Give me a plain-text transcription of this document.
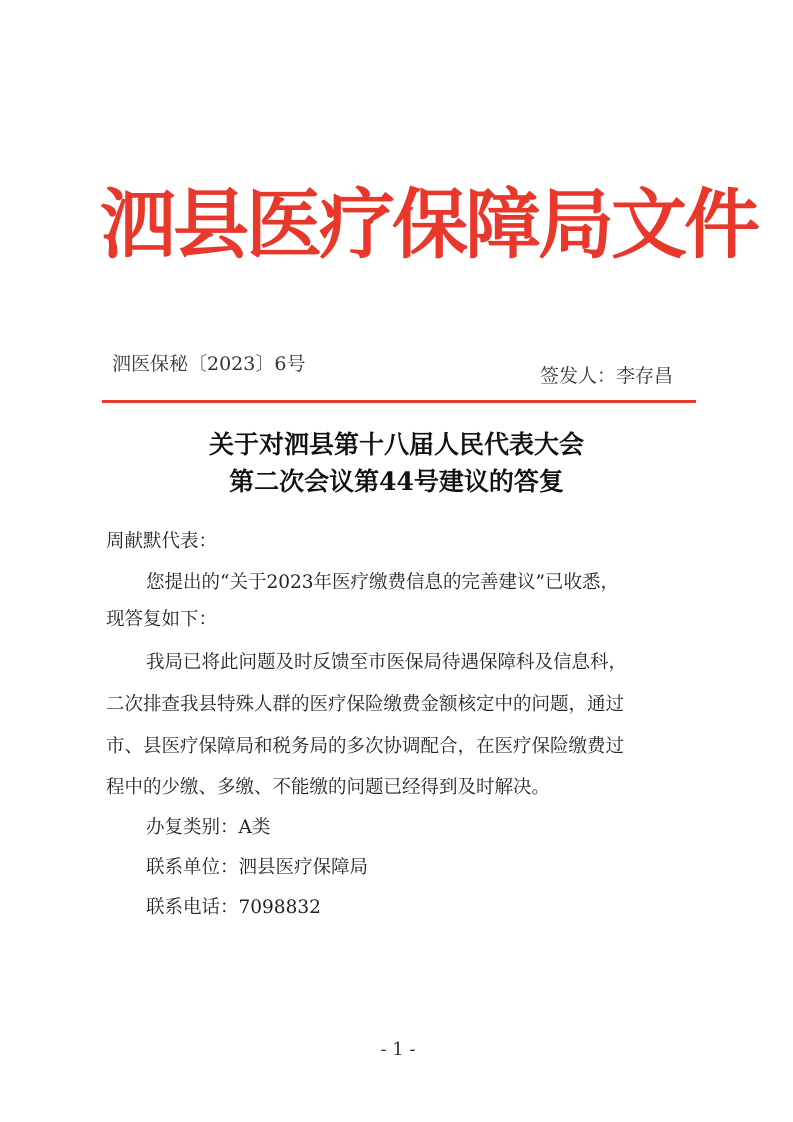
泗县医疗保障局文件
泗医保秘〔2023〕6号
签发人：李存昌
关于对泗县第十八届人民代表大会
第二次会议第44号建议的答复
周献默代表：
您提出的“关于2023年医疗缴费信息的完善建议”已收悉，
现答复如下：
我局已将此问题及时反馈至市医保局待遇保障科及信息科，
二次排查我县特殊人群的医疗保险缴费金额核定中的问题，通过
市、县医疗保障局和税务局的多次协调配合，在医疗保险缴费过
程中的少缴、多缴、不能缴的问题已经得到及时解决。
办复类别：A类
联系单位：泗县医疗保障局
联系电话：7098832
- 1 -
